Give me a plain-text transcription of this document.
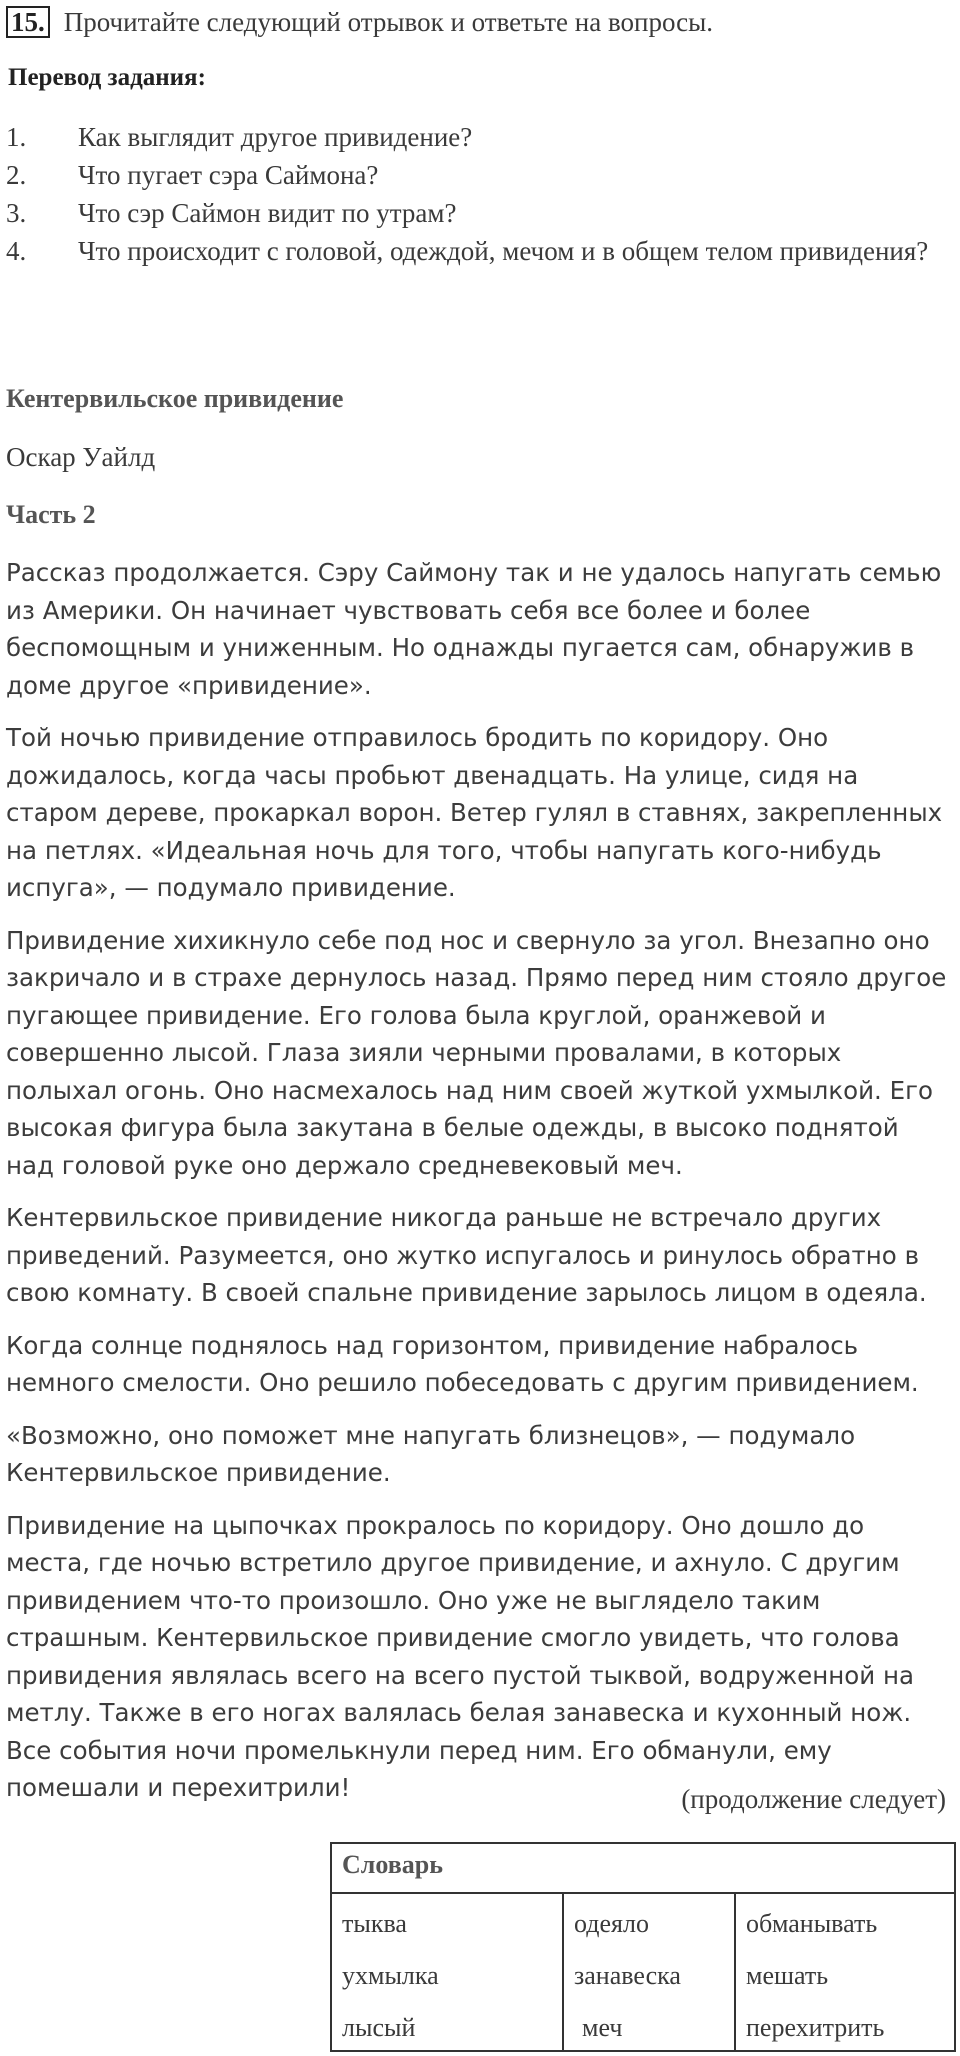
15. Прочитайте следующий отрывок и ответьте на вопросы.
Перевод задания:
1. Как выглядит другое привидение?
2. Что пугает сэра Саймона?
3. Что сэр Саймон видит по утрам?
4. Что происходит с головой, одеждой, мечом и в общем телом привидения?
Кентервильское привидение
Оскар Уайлд
Часть 2

Рассказ продолжается. Сэру Саймону так и не удалось напугать семью из Америки. Он начинает чувствовать себя все более и более беспомощным и униженным. Но однажды пугается сам, обнаружив в доме другое «привидение».

Той ночью привидение отправилось бродить по коридору. Оно дожидалось, когда часы пробьют двенадцать. На улице, сидя на старом дереве, прокаркал ворон. Ветер гулял в ставнях, закрепленных на петлях. «Идеальная ночь для того, чтобы напугать кого-нибудь испуга», — подумало привидение.

Привидение хихикнуло себе под нос и свернуло за угол. Внезапно оно закричало и в страхе дернулось назад. Прямо перед ним стояло другое пугающее привидение. Его голова была круглой, оранжевой и совершенно лысой. Глаза зияли черными провалами, в которых полыхал огонь. Оно насмехалось над ним своей жуткой ухмылкой. Его высокая фигура была закутана в белые одежды, в высоко поднятой над головой руке оно держало средневековый меч.

Кентервильское привидение никогда раньше не встречало других приведений. Разумеется, оно жутко испугалось и ринулось обратно в свою комнату. В своей спальне привидение зарылось лицом в одеяла.

Когда солнце поднялось над горизонтом, привидение набралось немного смелости. Оно решило побеседовать с другим привидением.

«Возможно, оно поможет мне напугать близнецов», — подумало Кентервильское привидение.

Привидение на цыпочках прокралось по коридору. Оно дошло до места, где ночью встретило другое привидение, и ахнуло. С другим привидением что-то произошло. Оно уже не выглядело таким страшным. Кентервильское привидение смогло увидеть, что голова привидения являлась всего на всего пустой тыквой, водруженной на метлу. Также в его ногах валялась белая занавеска и кухонный нож. Все события ночи промелькнули перед ним. Его обманули, ему помешали и перехитрили!	(продолжение следует)
Словарь
тыква
ухмылка
лысый
одеяло
занавеска
меч
обманывать
мешать
перехитрить
